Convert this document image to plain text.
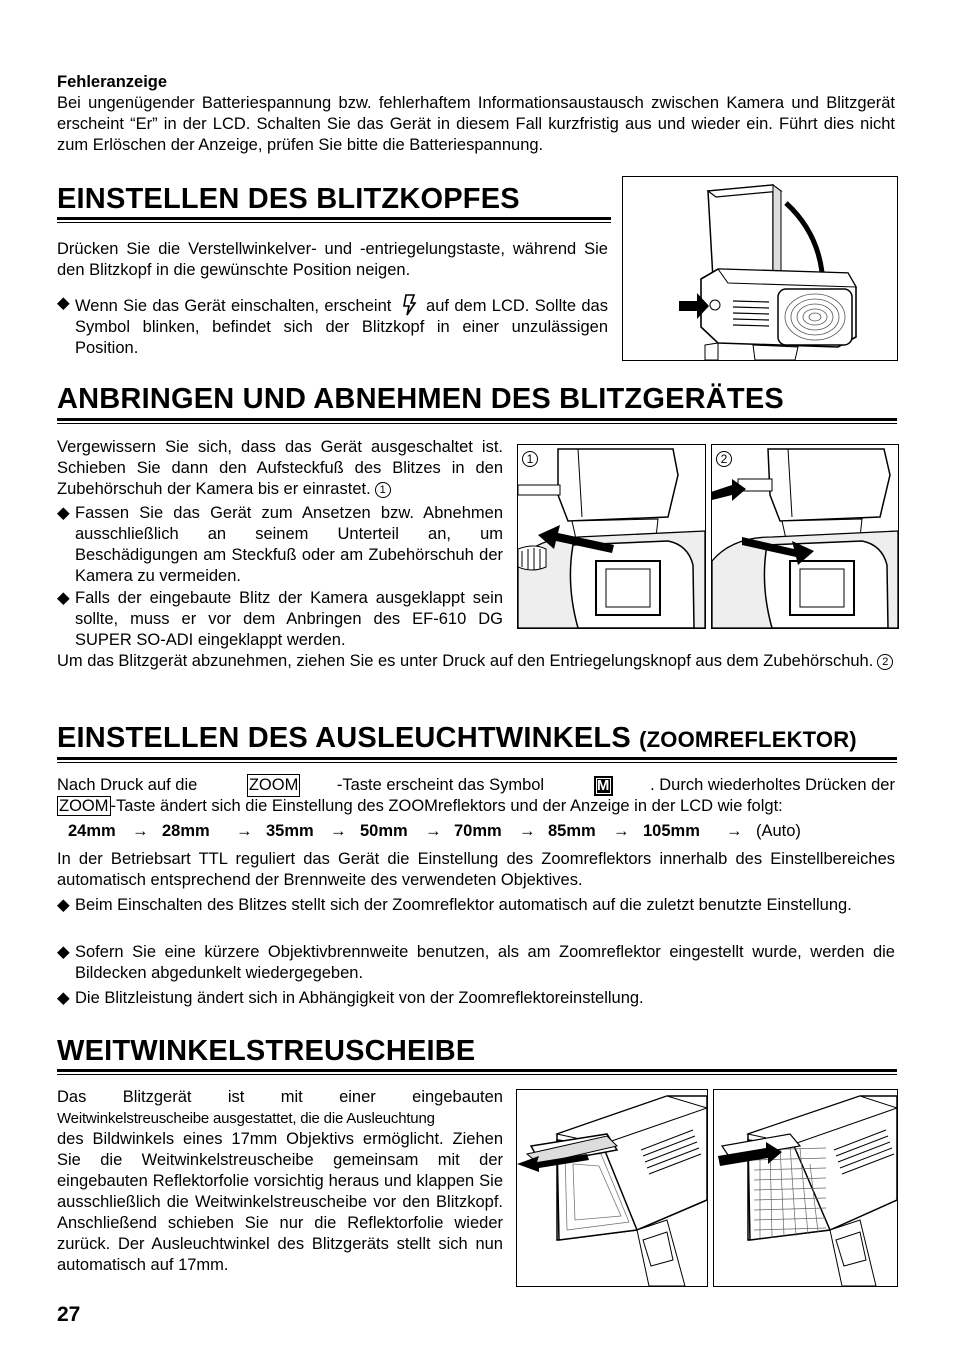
Fehleranzeige
Bei ungenügender Batteriespannung bzw. fehlerhaftem Informationsaustausch zwischen Kamera und Blitzgerät erscheint “Er” in der LCD. Schalten Sie das Gerät in diesem Fall kurzfristig aus und wieder ein. Führt dies nicht zum Erlöschen der Anzeige, prüfen Sie bitte die Batteriespannung.
EINSTELLEN DES BLITZKOPFES
Drücken Sie die Verstellwinkelver- und -entriegelungstaste, während Sie den Blitzkopf in die gewünschte Position neigen.
◆ Wenn Sie das Gerät einschalten, erscheint auf dem LCD. Sollte das Symbol blinken, befindet sich der Blitzkopf in einer unzulässigen Position.
ANBRINGEN UND ABNEHMEN DES BLITZGERÄTES
Vergewissern Sie sich, dass das Gerät ausgeschaltet ist. Schieben Sie dann den Aufsteckfuß des Blitzes in den Zubehörschuh der Kamera bis er einrastet. 1
◆ Fassen Sie das Gerät zum Ansetzen bzw. Abnehmen ausschließlich an seinem Unterteil an, um Beschädigungen am Steckfuß oder am Zubehörschuh der Kamera zu vermeiden.
◆ Falls der eingebaute Blitz der Kamera ausgeklappt sein sollte, muss er vor dem Anbringen des EF-610 DG SUPER SO-ADI eingeklappt werden.
Um das Blitzgerät abzunehmen, ziehen Sie es unter Druck auf den Entriegelungsknopf aus dem Zubehörschuh. 2
1	2
EINSTELLEN DES AUSLEUCHTWINKELS (ZOOMREFLEKTOR)
Nach Druck auf die	ZOOM -Taste erscheint das Symbol	M . Durch wiederholtes Drücken der
ZOOM -Taste ändert sich die Einstellung des ZOOMreflektors und der Anzeige in der LCD wie folgt:
24mm → 28mm → 35mm → 50mm → 70mm → 85mm → 105mm → (Auto)
In der Betriebsart TTL reguliert das Gerät die Einstellung des Zoomreflektors innerhalb des Einstellbereiches automatisch entsprechend der Brennweite des verwendeten Objektives.
◆ Beim Einschalten des Blitzes stellt sich der Zoomreflektor automatisch auf die zuletzt benutzte Einstellung.
◆ Sofern Sie eine kürzere Objektivbrennweite benutzen, als am Zoomreflektor eingestellt wurde, werden die Bildecken abgedunkelt wiedergegeben.
◆ Die Blitzleistung ändert sich in Abhängigkeit von der Zoomreflektoreinstellung.
WEITWINKELSTREUSCHEIBE
Das Blitzgerät ist mit einer eingebauten
Weitwinkelstreuscheibe ausgestattet, die die Ausleuchtung
des Bildwinkels eines 17mm Objektivs ermöglicht. Ziehen Sie die Weitwinkelstreuscheibe gemeinsam mit der eingebauten Reflektorfolie vorsichtig heraus und klappen Sie ausschließlich die Weitwinkelstreuscheibe vor den Blitzkopf. Anschließend schieben Sie nur die Reflektorfolie wieder zurück. Der Ausleuchtwinkel des Blitzgeräts stellt sich nun automatisch auf 17mm.
27
